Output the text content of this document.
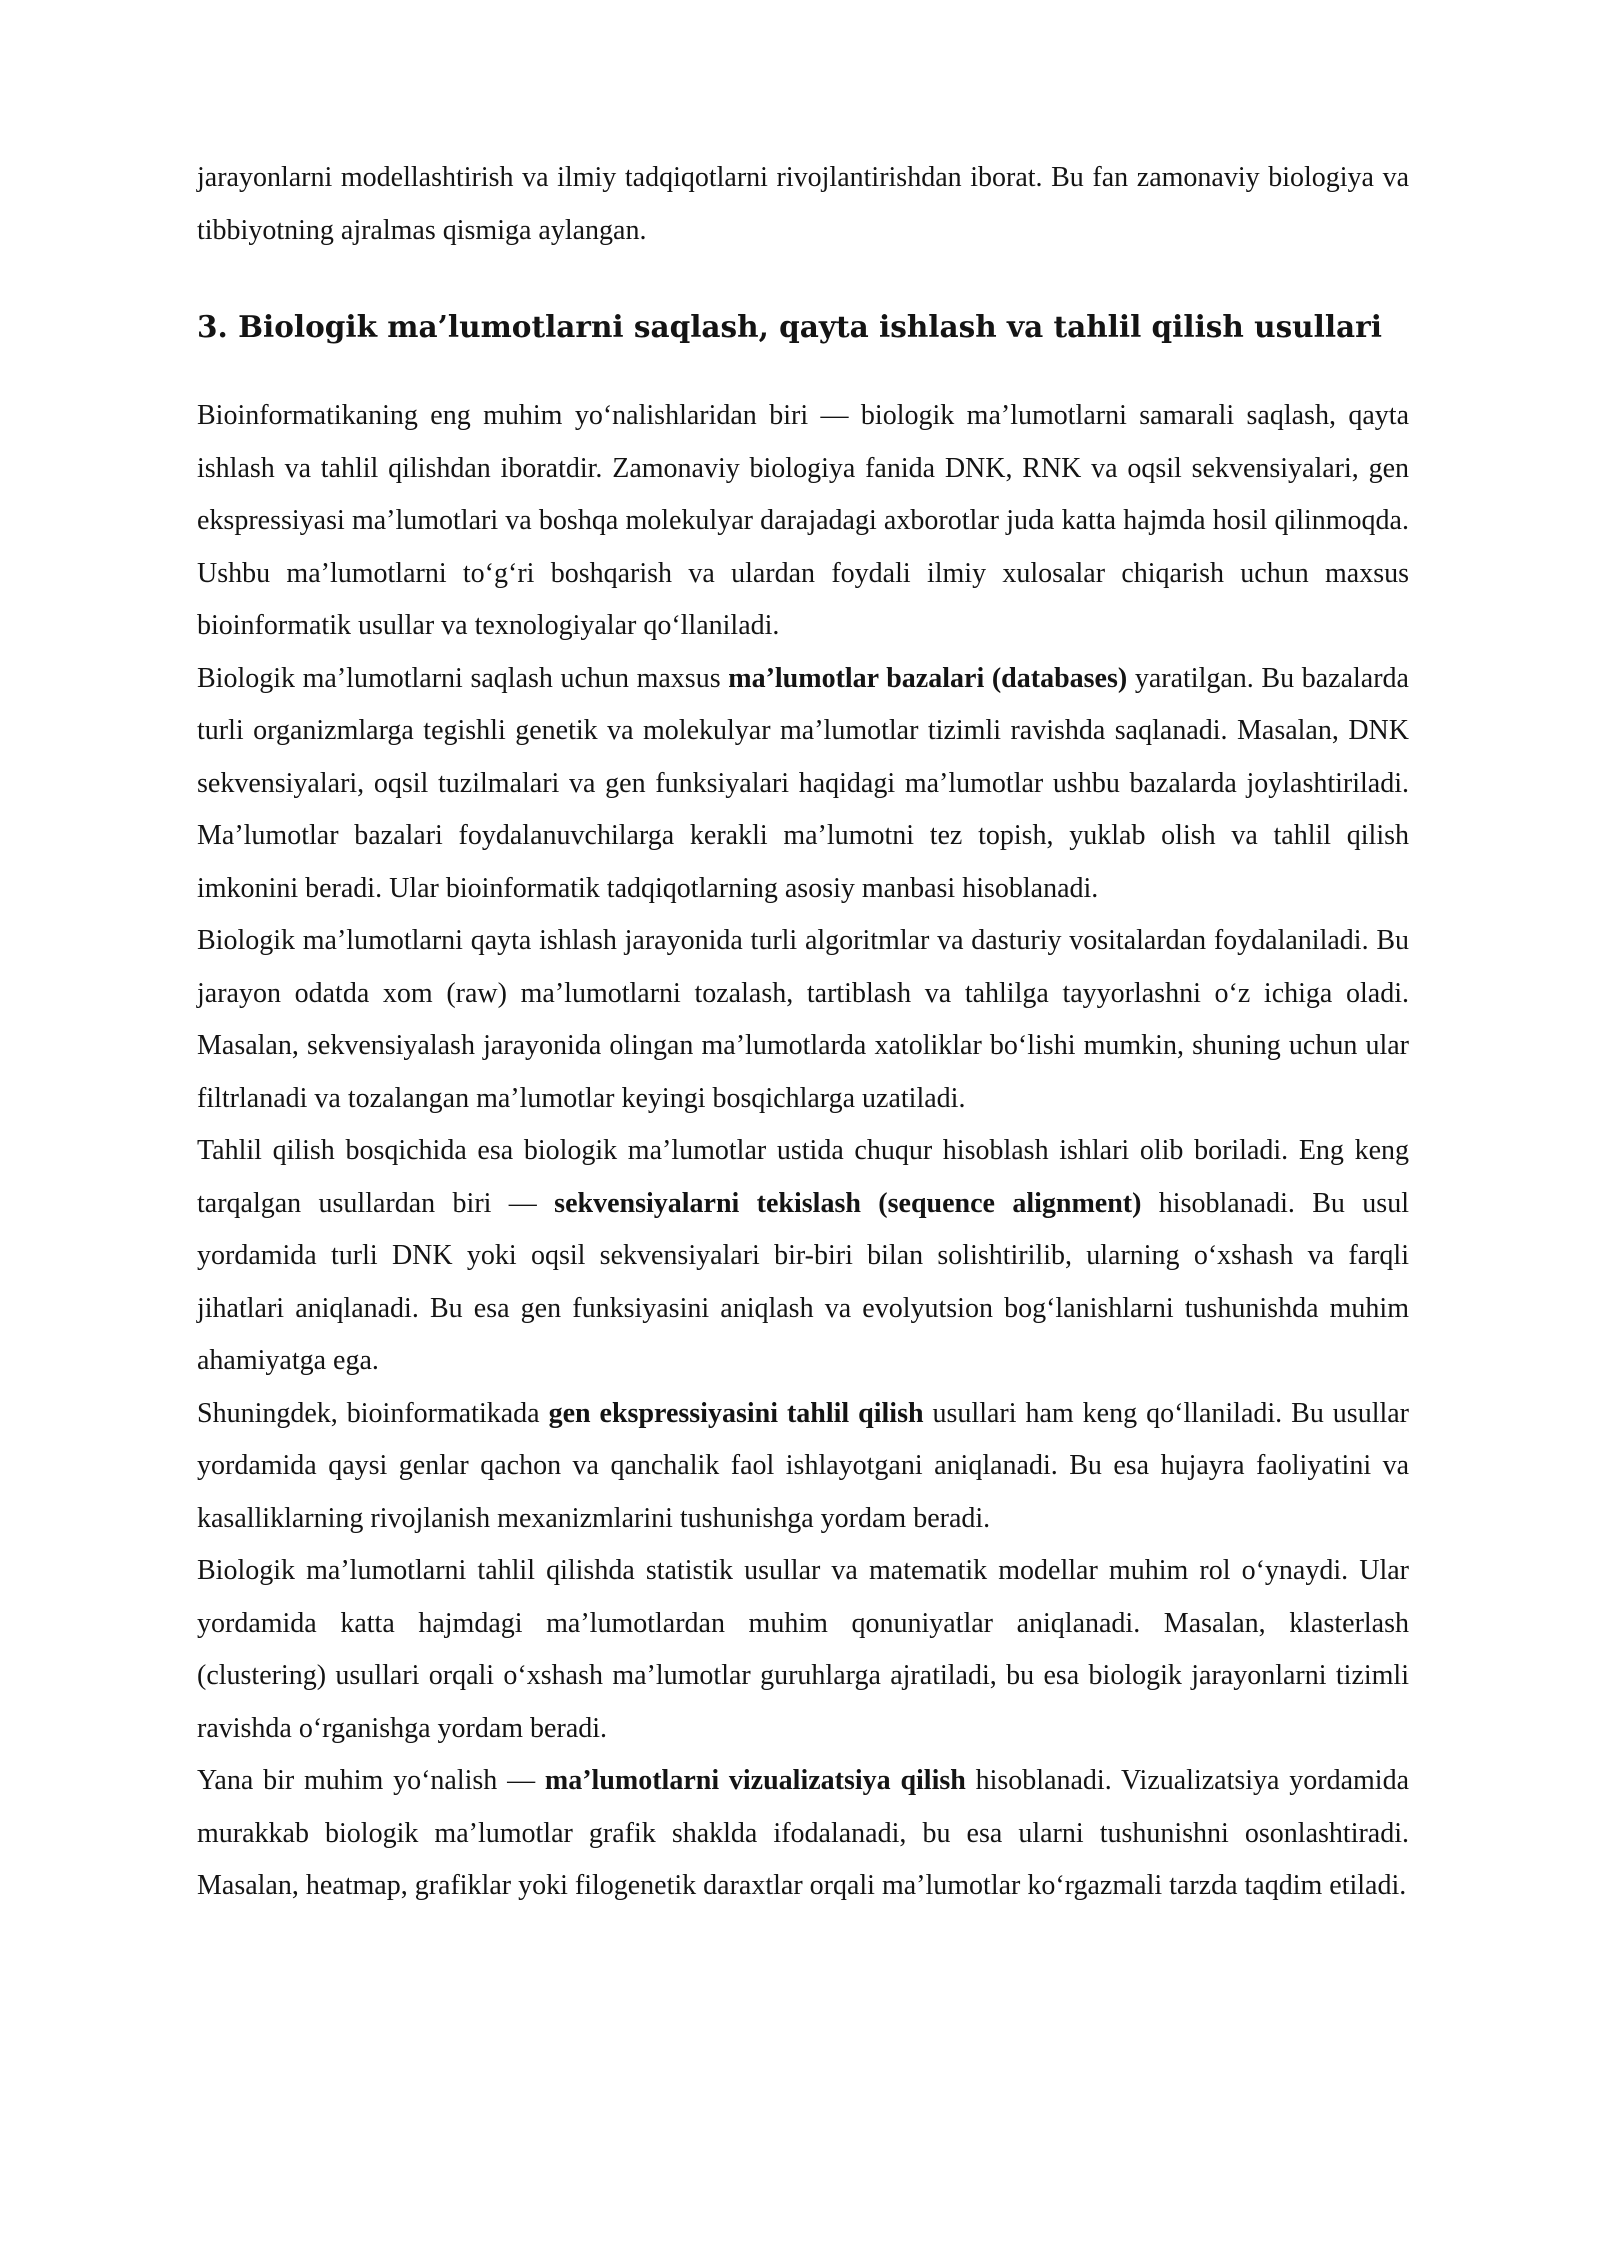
jarayonlarni modellashtirish va ilmiy tadqiqotlarni rivojlantirishdan iborat. Bu fan zamonaviy biologiya va tibbiyotning ajralmas qismiga aylangan.

3. Biologik ma’lumotlarni saqlash, qayta ishlash va tahlil qilish usullari

Bioinformatikaning eng muhim yo‘nalishlaridan biri — biologik ma’lumotlarni samarali saqlash, qayta ishlash va tahlil qilishdan iboratdir. Zamonaviy biologiya fanida DNK, RNK va oqsil sekvensiyalari, gen ekspressiyasi ma’lumotlari va boshqa molekulyar darajadagi axborotlar juda katta hajmda hosil qilinmoqda. Ushbu ma’lumotlarni to‘g‘ri boshqarish va ulardan foydali ilmiy xulosalar chiqarish uchun maxsus bioinformatik usullar va texnologiyalar qo‘llaniladi.

Biologik ma’lumotlarni saqlash uchun maxsus ma’lumotlar bazalari (databases) yaratilgan. Bu bazalarda turli organizmlarga tegishli genetik va molekulyar ma’lumotlar tizimli ravishda saqlanadi. Masalan, DNK sekvensiyalari, oqsil tuzilmalari va gen funksiyalari haqidagi ma’lumotlar ushbu bazalarda joylashtiriladi. Ma’lumotlar bazalari foydalanuvchilarga kerakli ma’lumotni tez topish, yuklab olish va tahlil qilish imkonini beradi. Ular bioinformatik tadqiqotlarning asosiy manbasi hisoblanadi.

Biologik ma’lumotlarni qayta ishlash jarayonida turli algoritmlar va dasturiy vositalardan foydalaniladi. Bu jarayon odatda xom (raw) ma’lumotlarni tozalash, tartiblash va tahlilga tayyorlashni o‘z ichiga oladi. Masalan, sekvensiyalash jarayonida olingan ma’lumotlarda xatoliklar bo‘lishi mumkin, shuning uchun ular filtrlanadi va tozalangan ma’lumotlar keyingi bosqichlarga uzatiladi.

Tahlil qilish bosqichida esa biologik ma’lumotlar ustida chuqur hisoblash ishlari olib boriladi. Eng keng tarqalgan usullardan biri — sekvensiyalarni tekislash (sequence alignment) hisoblanadi. Bu usul yordamida turli DNK yoki oqsil sekvensiyalari bir-biri bilan solishtirilib, ularning o‘xshash va farqli jihatlari aniqlanadi. Bu esa gen funksiyasini aniqlash va evolyutsion bog‘lanishlarni tushunishda muhim ahamiyatga ega.

Shuningdek, bioinformatikada gen ekspressiyasini tahlil qilish usullari ham keng qo‘llaniladi. Bu usullar yordamida qaysi genlar qachon va qanchalik faol ishlayotgani aniqlanadi. Bu esa hujayra faoliyatini va kasalliklarning rivojlanish mexanizmlarini tushunishga yordam beradi.

Biologik ma’lumotlarni tahlil qilishda statistik usullar va matematik modellar muhim rol o‘ynaydi. Ular yordamida katta hajmdagi ma’lumotlardan muhim qonuniyatlar aniqlanadi. Masalan, klasterlash (clustering) usullari orqali o‘xshash ma’lumotlar guruhlarga ajratiladi, bu esa biologik jarayonlarni tizimli ravishda o‘rganishga yordam beradi.

Yana bir muhim yo‘nalish — ma’lumotlarni vizualizatsiya qilish hisoblanadi. Vizualizatsiya yordamida murakkab biologik ma’lumotlar grafik shaklda ifodalanadi, bu esa ularni tushunishni osonlashtiradi. Masalan, heatmap, grafiklar yoki filogenetik daraxtlar orqali ma’lumotlar ko‘rgazmali tarzda taqdim etiladi.
